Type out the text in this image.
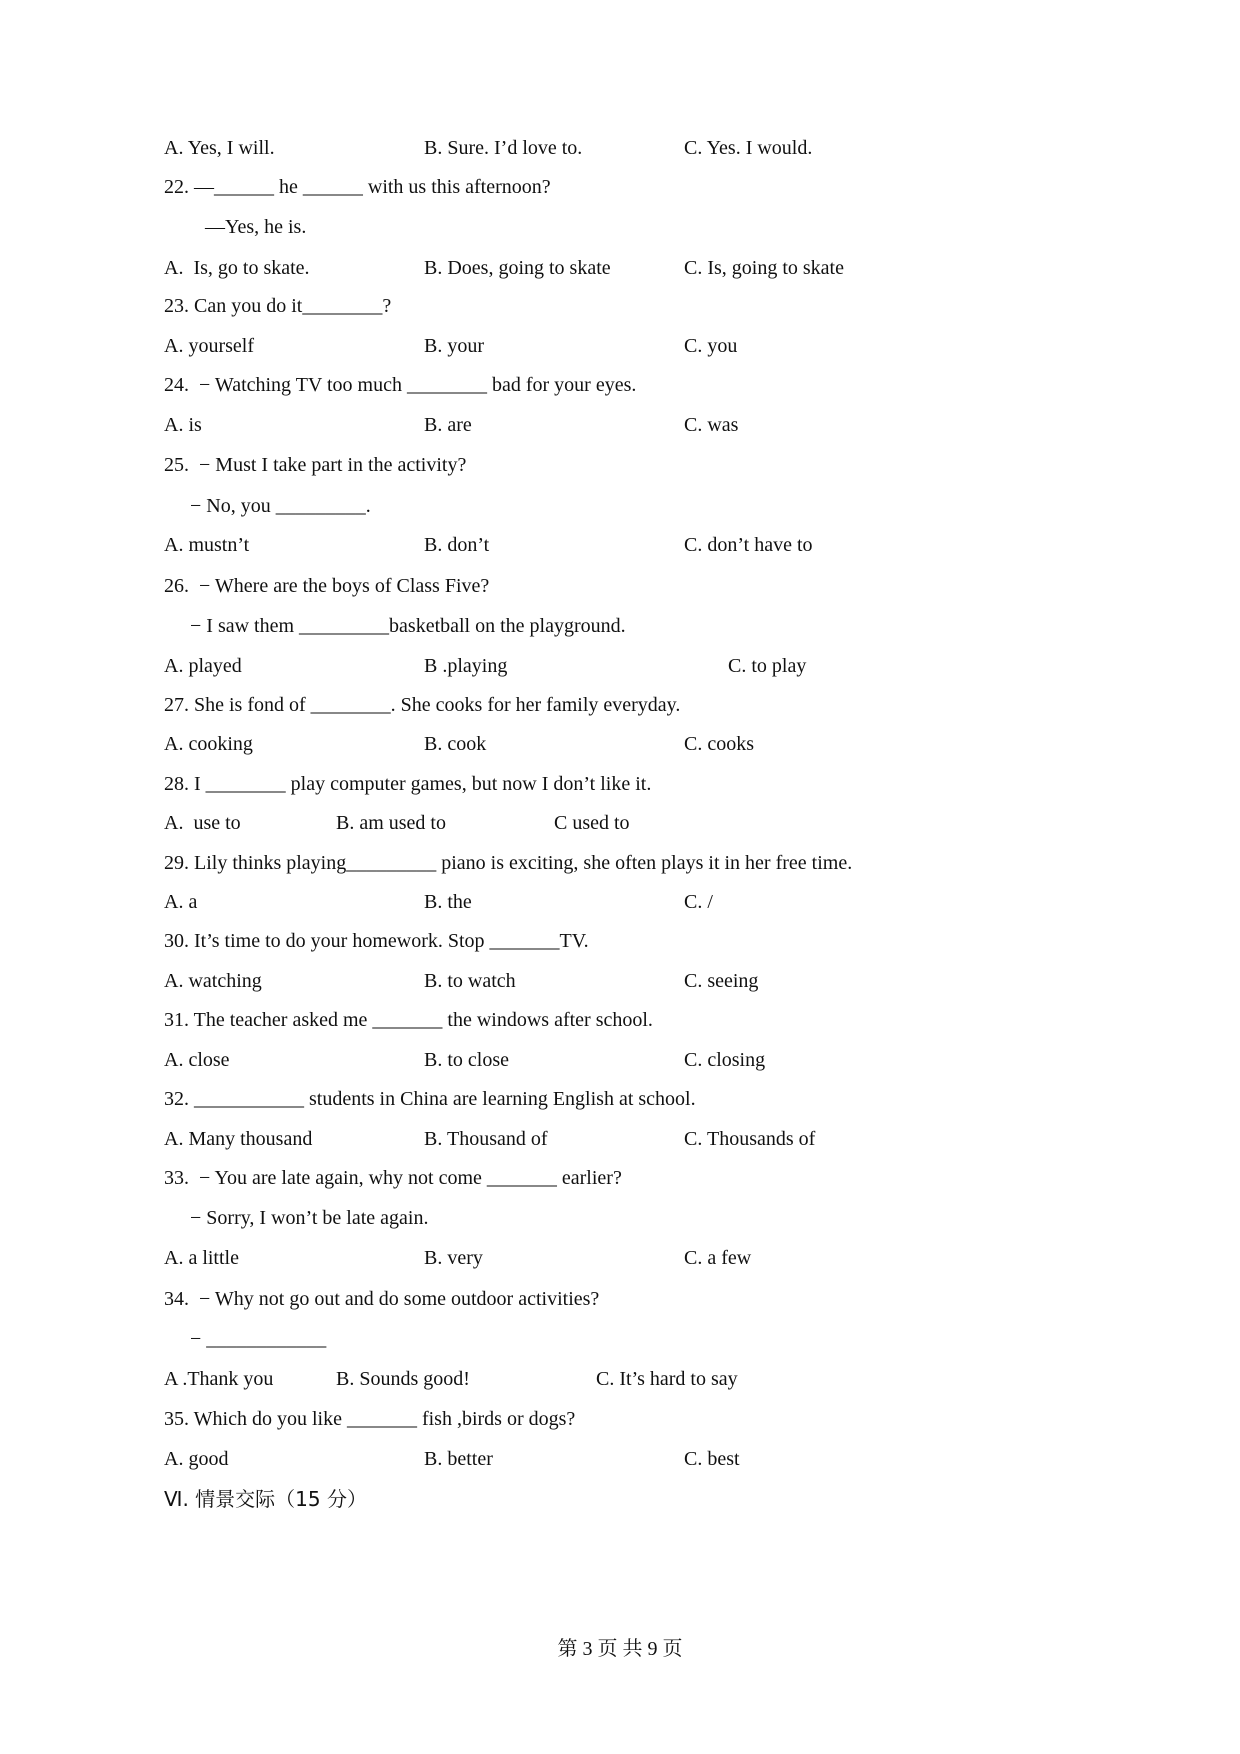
A. Yes, I will.

	B. Sure. I’d love to.

	C. Yes. I would.

22. —______ he ______ with us this afternoon?
—Yes, he is.

A.  Is, go to skate.

	B. Does, going to skate

	C. Is, going to skate

23. Can you do it________?

A. yourself

	B. your

	C. you

24.  − Watching TV too much ________ bad for your eyes.

A. is

	B. are

	C. was

25.  − Must I take part in the activity?
− No, you _________.

A. mustn’t

	B. don’t

	C. don’t have to

26.  − Where are the boys of Class Five?
− I saw them _________basketball on the playground.

A. played

	B .playing

	C. to play

27. She is fond of ________. She cooks for her family everyday.

A. cooking

	B. cook

	C. cooks

28. I ________ play computer games, but now I don’t like it.

A.  use to

	B. am used to

	C used to

29. Lily thinks playing_________ piano is exciting, she often plays it in her free time.

A. a

	B. the

	C. /

30. It’s time to do your homework. Stop _______TV.

A. watching

	B. to watch

	C. seeing

31. The teacher asked me _______ the windows after school.

A. close

	B. to close

	C. closing

32. ___________ students in China are learning English at school.

A. Many thousand

	B. Thousand of

	C. Thousands of

33.  − You are late again, why not come _______ earlier?
− Sorry, I won’t be late again.

A. a little

	B. very

	C. a few

34.  − Why not go out and do some outdoor activities?
− ____________

A .Thank you

	B. Sounds good!

	C. It’s hard to say

35. Which do you like _______ fish ,birds or dogs?

A. good

	B. better

	C. best

Ⅵ. 情景交际（15 分）
第 3 页 共 9 页
